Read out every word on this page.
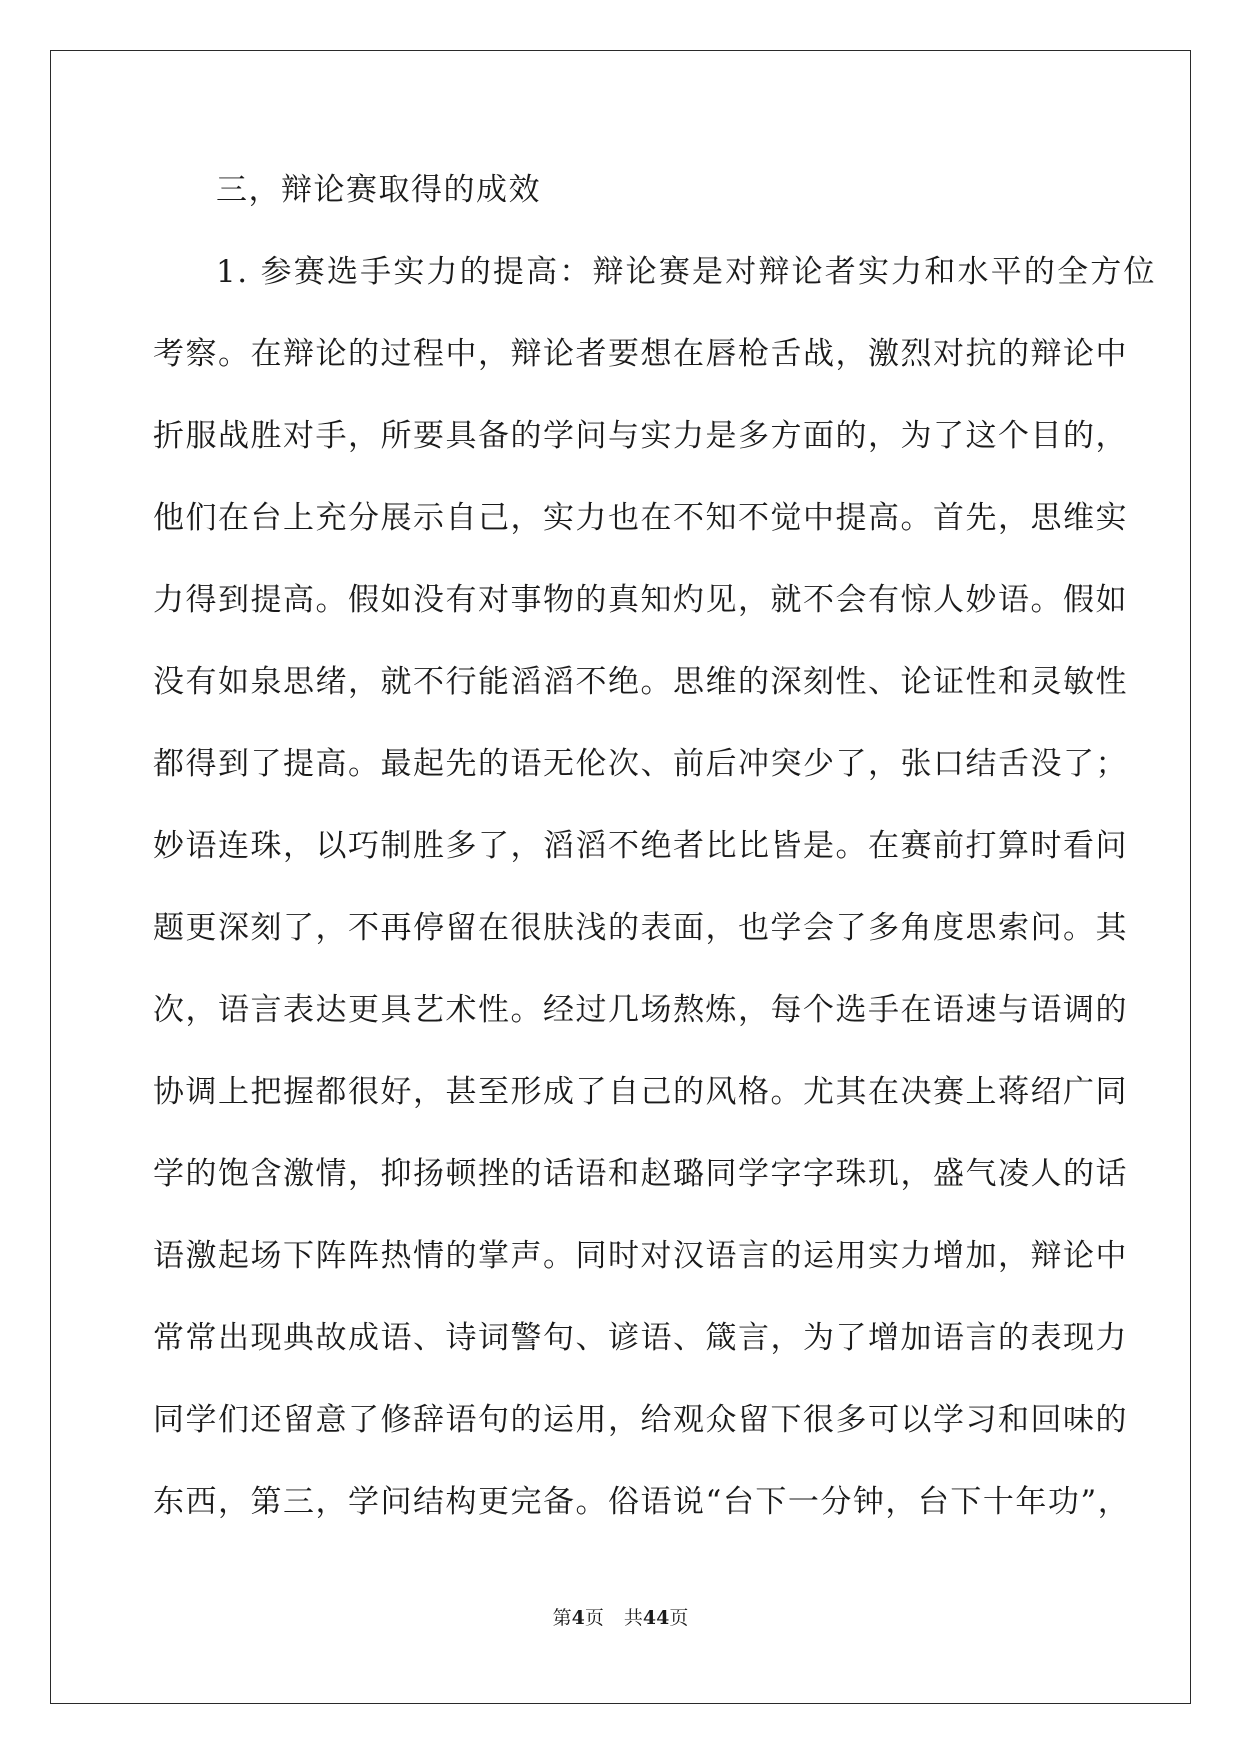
三，辩论赛取得的成效
1. 参赛选手实力的提高：辩论赛是对辩论者实力和水平的全方位
考察。在辩论的过程中，辩论者要想在唇枪舌战，激烈对抗的辩论中
折服战胜对手，所要具备的学问与实力是多方面的，为了这个目的，
他们在台上充分展示自己，实力也在不知不觉中提高。首先，思维实
力得到提高。假如没有对事物的真知灼见，就不会有惊人妙语。假如
没有如泉思绪，就不行能滔滔不绝。思维的深刻性、论证性和灵敏性
都得到了提高。最起先的语无伦次、前后冲突少了，张口结舌没了；
妙语连珠，以巧制胜多了，滔滔不绝者比比皆是。在赛前打算时看问
题更深刻了，不再停留在很肤浅的表面，也学会了多角度思索问。其
次，语言表达更具艺术性。经过几场熬炼，每个选手在语速与语调的
协调上把握都很好，甚至形成了自己的风格。尤其在决赛上蒋绍广同
学的饱含激情，抑扬顿挫的话语和赵璐同学字字珠玑，盛气凌人的话
语激起场下阵阵热情的掌声。同时对汉语言的运用实力增加，辩论中
常常出现典故成语、诗词警句、谚语、箴言，为了增加语言的表现力
同学们还留意了修辞语句的运用，给观众留下很多可以学习和回味的
东西，第三，学问结构更完备。俗语说“台下一分钟，台下十年功”，
第4页 共44页
